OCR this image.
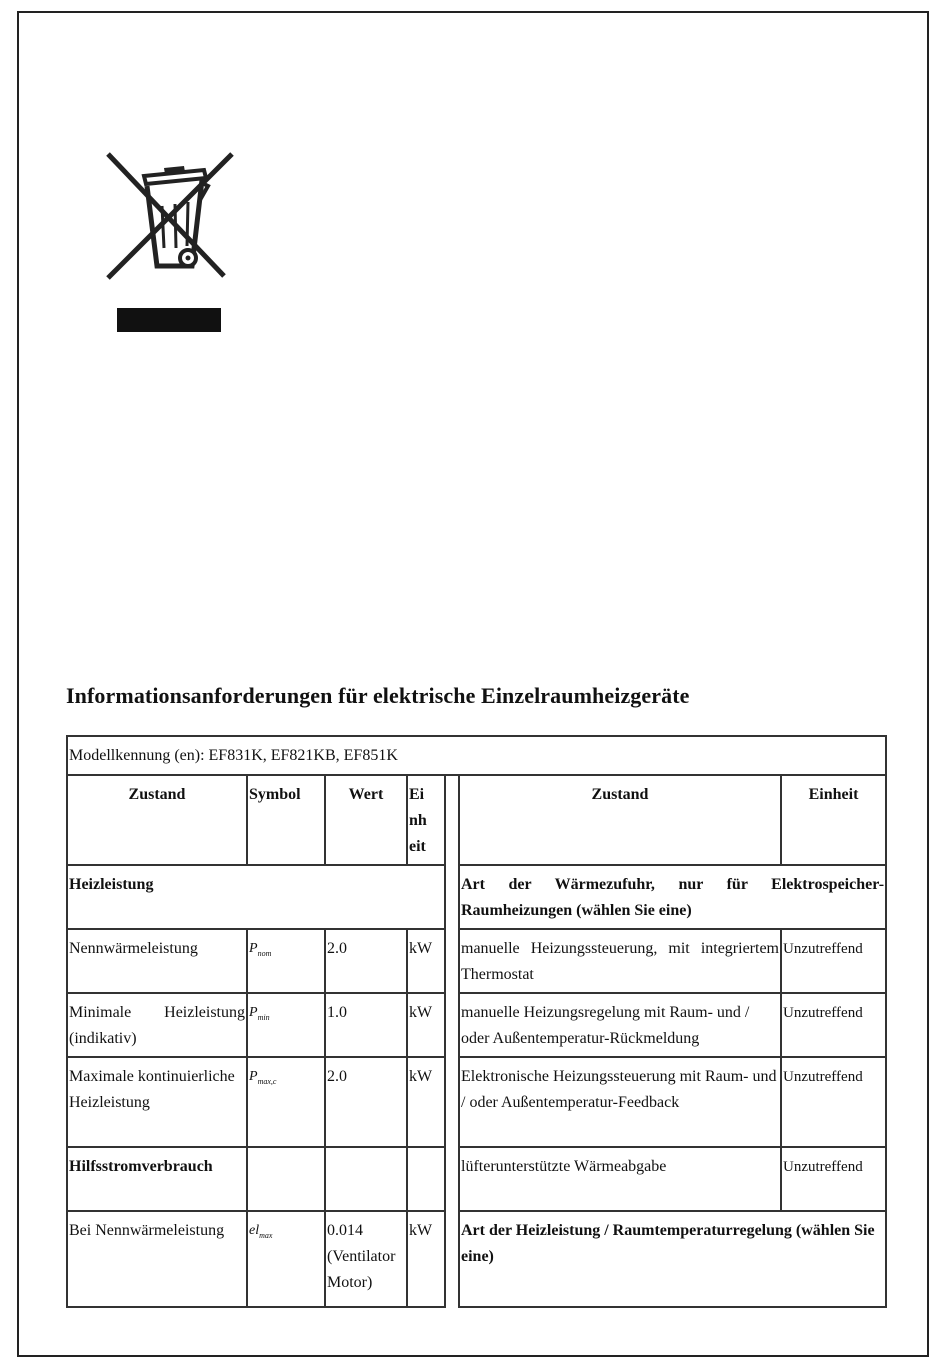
Informationsanforderungen für elektrische Einzelraumheizgeräte
Modellkennung (en): EF831K, EF821KB, EF851K						
Zustand	Symbol	Wert	Ei nh eit		Zustand	Einheit
Heizleistung					Art der Wärmezufuhr, nur für Elektrospeicher-Raumheizungen (wählen Sie eine)	
Nennwärmeleistung	$P_{nom}$	2.0	kW		manuelle Heizungssteuerung, mit integriertem Thermostat	Unzutreffend
Minimale Heizleistung (indikativ)	$P_{min}$	1.0	kW		manuelle Heizungsregelung mit Raum- und / oder Außentemperatur-Rückmeldung	Unzutreffend
Maximale kontinuierliche Heizleistung	$P_{max,c}$	2.0	kW		Elektronische Heizungssteuerung mit Raum- und / oder Außentemperatur-Feedback	Unzutreffend
Hilfsstromverbrauch					lüfterunterstützte Wärmeabgabe	Unzutreffend
Bei Nennwärmeleistung	$el_{max}$	0.014 (Ventilator Motor)	kW		Art der Heizleistung / Raumtemperaturregelung (wählen Sie eine)	
